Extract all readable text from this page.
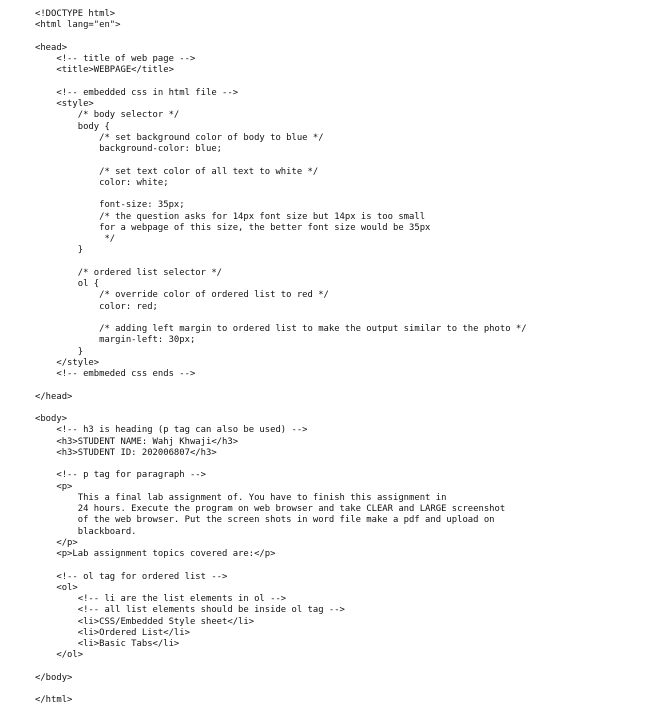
<!DOCTYPE html>
<html lang="en">
<head>
<!-- title of web page -->
<title>WEBPAGE</title>
<!-- embedded css in html file -->
<style>
/* body selector */
body {
/* set background color of body to blue */
background-color: blue;
/* set text color of all text to white */
color: white;
font-size: 35px;
/* the question asks for 14px font size but 14px is too small
for a webpage of this size, the better font size would be 35px
*/
}
/* ordered list selector */
ol {
/* override color of ordered list to red */
color: red;
/* adding left margin to ordered list to make the output similar to the photo */
margin-left: 30px;
}
</style>
<!-- embmeded css ends -->
</head>
<body>
<!-- h3 is heading (p tag can also be used) -->
<h3>STUDENT NAME: Wahj Khwaji</h3>
<h3>STUDENT ID: 202006807</h3>
<!-- p tag for paragraph -->
<p>
This a final lab assignment of. You have to finish this assignment in
24 hours. Execute the program on web browser and take CLEAR and LARGE screenshot
of the web browser. Put the screen shots in word file make a pdf and upload on
blackboard.
</p>
<p>Lab assignment topics covered are:</p>
<!-- ol tag for ordered list -->
<ol>
<!-- li are the list elements in ol -->
<!-- all list elements should be inside ol tag -->
<li>CSS/Embedded Style sheet</li>
<li>Ordered List</li>
<li>Basic Tabs</li>
</ol>
</body>
</html>
